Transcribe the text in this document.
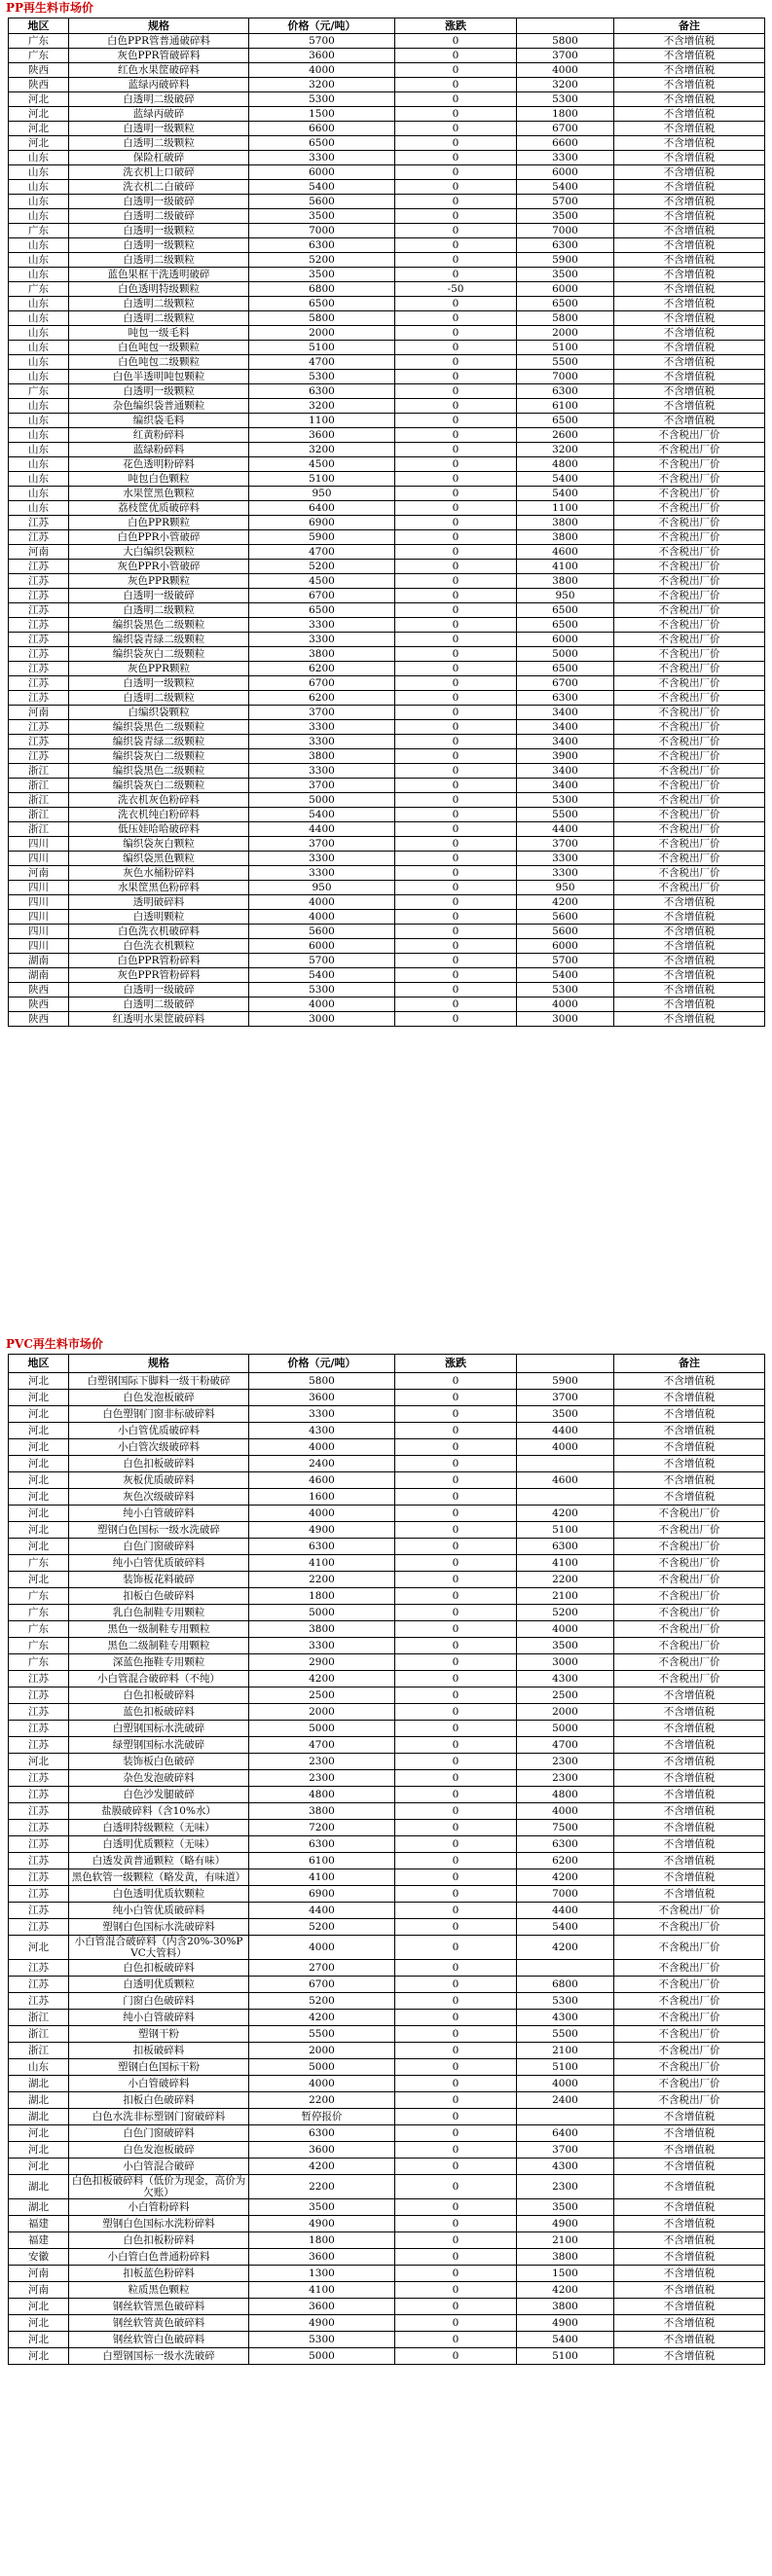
PP再生料市场价
地区	规格	价格（元/吨）	涨跌		备注
广东	白色PPR管普通破碎料	5700	0	5800	不含增值税
广东	灰色PPR管破碎料	3600	0	3700	不含增值税
陕西	红色水果筐破碎料	4000	0	4000	不含增值税
陕西	蓝绿丙破碎料	3200	0	3200	不含增值税
河北	白透明二级破碎	5300	0	5300	不含增值税
河北	蓝绿丙破碎	1500	0	1800	不含增值税
河北	白透明一级颗粒	6600	0	6700	不含增值税
河北	白透明二级颗粒	6500	0	6600	不含增值税
山东	保险杠破碎	3300	0	3300	不含增值税
山东	洗衣机上口破碎	6000	0	6000	不含增值税
山东	洗衣机二白破碎	5400	0	5400	不含增值税
山东	白透明一级破碎	5600	0	5700	不含增值税
山东	白透明二级破碎	3500	0	3500	不含增值税
广东	白透明一级颗粒	7000	0	7000	不含增值税
山东	白透明一级颗粒	6300	0	6300	不含增值税
山东	白透明二级颗粒	5200	0	5900	不含增值税
山东	蓝色果框干洗透明破碎	3500	0	3500	不含增值税
广东	白色透明特级颗粒	6800	-50	6000	不含增值税
山东	白透明二级颗粒	6500	0	6500	不含增值税
山东	白透明二级颗粒	5800	0	5800	不含增值税
山东	吨包一级毛料	2000	0	2000	不含增值税
山东	白色吨包一级颗粒	5100	0	5100	不含增值税
山东	白色吨包二级颗粒	4700	0	5500	不含增值税
山东	白色半透明吨包颗粒	5300	0	7000	不含增值税
广东	白透明一级颗粒	6300	0	6300	不含增值税
山东	杂色编织袋普通颗粒	3200	0	6100	不含增值税
山东	编织袋毛料	1100	0	6500	不含增值税
山东	红黄粉碎料	3600	0	2600	不含税出厂价
山东	蓝绿粉碎料	3200	0	3200	不含税出厂价
山东	花色透明粉碎料	4500	0	4800	不含税出厂价
山东	吨包白色颗粒	5100	0	5400	不含税出厂价
山东	水果筐黑色颗粒	950	0	5400	不含税出厂价
山东	荔枝筐优质破碎料	6400	0	1100	不含税出厂价
江苏	白色PPR颗粒	6900	0	3800	不含税出厂价
江苏	白色PPR小管破碎	5900	0	3800	不含税出厂价
河南	大白编织袋颗粒	4700	0	4600	不含税出厂价
江苏	灰色PPR小管破碎	5200	0	4100	不含税出厂价
江苏	灰色PPR颗粒	4500	0	3800	不含税出厂价
江苏	白透明一级破碎	6700	0	950	不含税出厂价
江苏	白透明二级颗粒	6500	0	6500	不含税出厂价
江苏	编织袋黑色二级颗粒	3300	0	6500	不含税出厂价
江苏	编织袋青绿二级颗粒	3300	0	6000	不含税出厂价
江苏	编织袋灰白二级颗粒	3800	0	5000	不含税出厂价
江苏	灰色PPR颗粒	6200	0	6500	不含税出厂价
江苏	白透明一级颗粒	6700	0	6700	不含税出厂价
江苏	白透明二级颗粒	6200	0	6300	不含税出厂价
河南	白编织袋颗粒	3700	0	3400	不含税出厂价
江苏	编织袋黑色二级颗粒	3300	0	3400	不含税出厂价
江苏	编织袋青绿二级颗粒	3300	0	3400	不含税出厂价
江苏	编织袋灰白二级颗粒	3800	0	3900	不含税出厂价
浙江	编织袋黑色二级颗粒	3300	0	3400	不含税出厂价
浙江	编织袋灰白二级颗粒	3700	0	3400	不含税出厂价
浙江	洗衣机灰色粉碎料	5000	0	5300	不含税出厂价
浙江	洗衣机纯白粉碎料	5400	0	5500	不含税出厂价
浙江	低压娃哈哈破碎料	4400	0	4400	不含税出厂价
四川	编织袋灰白颗粒	3700	0	3700	不含税出厂价
四川	编织袋黑色颗粒	3300	0	3300	不含税出厂价
河南	灰色水桶粉碎料	3300	0	3300	不含税出厂价
四川	水果筐黑色粉碎料	950	0	950	不含税出厂价
四川	透明破碎料	4000	0	4200	不含增值税
四川	白透明颗粒	4000	0	5600	不含增值税
四川	白色洗衣机破碎料	5600	0	5600	不含增值税
四川	白色洗衣机颗粒	6000	0	6000	不含增值税
湖南	白色PPR管粉碎料	5700	0	5700	不含增值税
湖南	灰色PPR管粉碎料	5400	0	5400	不含增值税
陕西	白透明一级破碎	5300	0	5300	不含增值税
陕西	白透明二级破碎	4000	0	4000	不含增值税
陕西	红透明水果筐破碎料	3000	0	3000	不含增值税
PVC再生料市场价
地区	规格	价格（元/吨）	涨跌		备注
河北	白塑钢国际下脚料一级干粉破碎	5800	0	5900	不含增值税
河北	白色发泡板破碎	3600	0	3700	不含增值税
河北	白色塑钢门窗非标破碎料	3300	0	3500	不含增值税
河北	小白管优质破碎料	4300	0	4400	不含增值税
河北	小白管次级破碎料	4000	0	4000	不含增值税
河北	白色扣板破碎料	2400	0		不含增值税
河北	灰板优质破碎料	4600	0	4600	不含增值税
河北	灰色次级破碎料	1600	0		不含增值税
河北	纯小白管破碎料	4000	0	4200	不含税出厂价
河北	塑钢白色国标一级水洗破碎	4900	0	5100	不含税出厂价
河北	白色门窗破碎料	6300	0	6300	不含税出厂价
广东	纯小白管优质破碎料	4100	0	4100	不含税出厂价
河北	装饰板花料破碎	2200	0	2200	不含税出厂价
广东	扣板白色破碎料	1800	0	2100	不含税出厂价
广东	乳白色制鞋专用颗粒	5000	0	5200	不含税出厂价
广东	黑色一级制鞋专用颗粒	3800	0	4000	不含税出厂价
广东	黑色二级制鞋专用颗粒	3300	0	3500	不含税出厂价
广东	深蓝色拖鞋专用颗粒	2900	0	3000	不含税出厂价
江苏	小白管混合破碎料（不纯）	4200	0	4300	不含税出厂价
江苏	白色扣板破碎料	2500	0	2500	不含增值税
江苏	蓝色扣板破碎料	2000	0	2000	不含增值税
江苏	白塑钢国标水洗破碎	5000	0	5000	不含增值税
江苏	绿塑钢国标水洗破碎	4700	0	4700	不含增值税
河北	装饰板白色破碎	2300	0	2300	不含增值税
江苏	杂色发泡破碎料	2300	0	2300	不含增值税
江苏	白色沙发腿破碎	4800	0	4800	不含增值税
江苏	盐膜破碎料（含10%水）	3800	0	4000	不含增值税
江苏	白透明特级颗粒（无味）	7200	0	7500	不含增值税
江苏	白透明优质颗粒（无味）	6300	0	6300	不含增值税
江苏	白透发黄普通颗粒（略有味）	6100	0	6200	不含增值税
江苏	黑色软管一级颗粒（略发黄，有味道）	4100	0	4200	不含增值税
江苏	白色透明优质软颗粒	6900	0	7000	不含增值税
江苏	纯小白管优质破碎料	4400	0	4400	不含税出厂价
江苏	塑钢白色国标水洗破碎料	5200	0	5400	不含税出厂价
河北	小白管混合破碎料（内含20%-30%PVC大管料）	4000	0	4200	不含税出厂价
江苏	白色扣板破碎料	2700	0		不含税出厂价
江苏	白透明优质颗粒	6700	0	6800	不含税出厂价
江苏	门窗白色破碎料	5200	0	5300	不含税出厂价
浙江	纯小白管破碎料	4200	0	4300	不含税出厂价
浙江	塑钢干粉	5500	0	5500	不含税出厂价
浙江	扣板破碎料	2000	0	2100	不含税出厂价
山东	塑钢白色国标干粉	5000	0	5100	不含税出厂价
湖北	小白管破碎料	4000	0	4000	不含税出厂价
湖北	扣板白色破碎料	2200	0	2400	不含税出厂价
湖北	白色水洗非标塑钢门窗破碎料	暂停报价	0		不含增值税
河北	白色门窗破碎料	6300	0	6400	不含增值税
河北	白色发泡板破碎	3600	0	3700	不含增值税
河北	小白管混合破碎	4200	0	4300	不含增值税
湖北	白色扣板破碎料（低价为现金，高价为欠账）	2200	0	2300	不含增值税
湖北	小白管粉碎料	3500	0	3500	不含增值税
福建	塑钢白色国标水洗粉碎料	4900	0	4900	不含增值税
福建	白色扣板粉碎料	1800	0	2100	不含增值税
安徽	小白管白色普通粉碎料	3600	0	3800	不含增值税
河南	扣板蓝色粉碎料	1300	0	1500	不含增值税
河南	粒质黑色颗粒	4100	0	4200	不含增值税
河北	钢丝软管黑色破碎料	3600	0	3800	不含增值税
河北	钢丝软管黄色破碎料	4900	0	4900	不含增值税
河北	钢丝软管白色破碎料	5300	0	5400	不含增值税
河北	白塑钢国标一级水洗破碎	5000	0	5100	不含增值税
